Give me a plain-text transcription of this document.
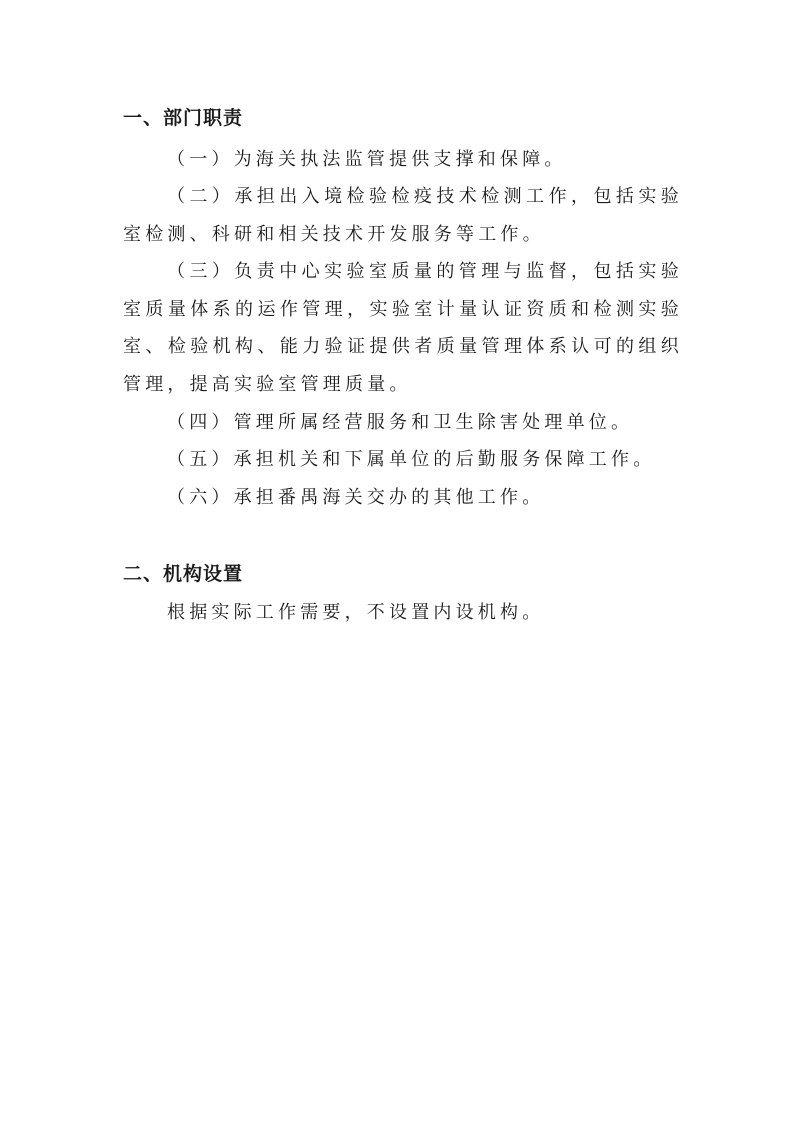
一、部门职责
（一）为海关执法监管提供支撑和保障。
（二）承担出入境检验检疫技术检测工作，包括实验室检测、科研和相关技术开发服务等工作。
（三）负责中心实验室质量的管理与监督，包括实验室质量体系的运作管理，实验室计量认证资质和检测实验室、检验机构、能力验证提供者质量管理体系认可的组织管理，提高实验室管理质量。
（四）管理所属经营服务和卫生除害处理单位。
（五）承担机关和下属单位的后勤服务保障工作。
（六）承担番禺海关交办的其他工作。
二、机构设置
根据实际工作需要，不设置内设机构。
